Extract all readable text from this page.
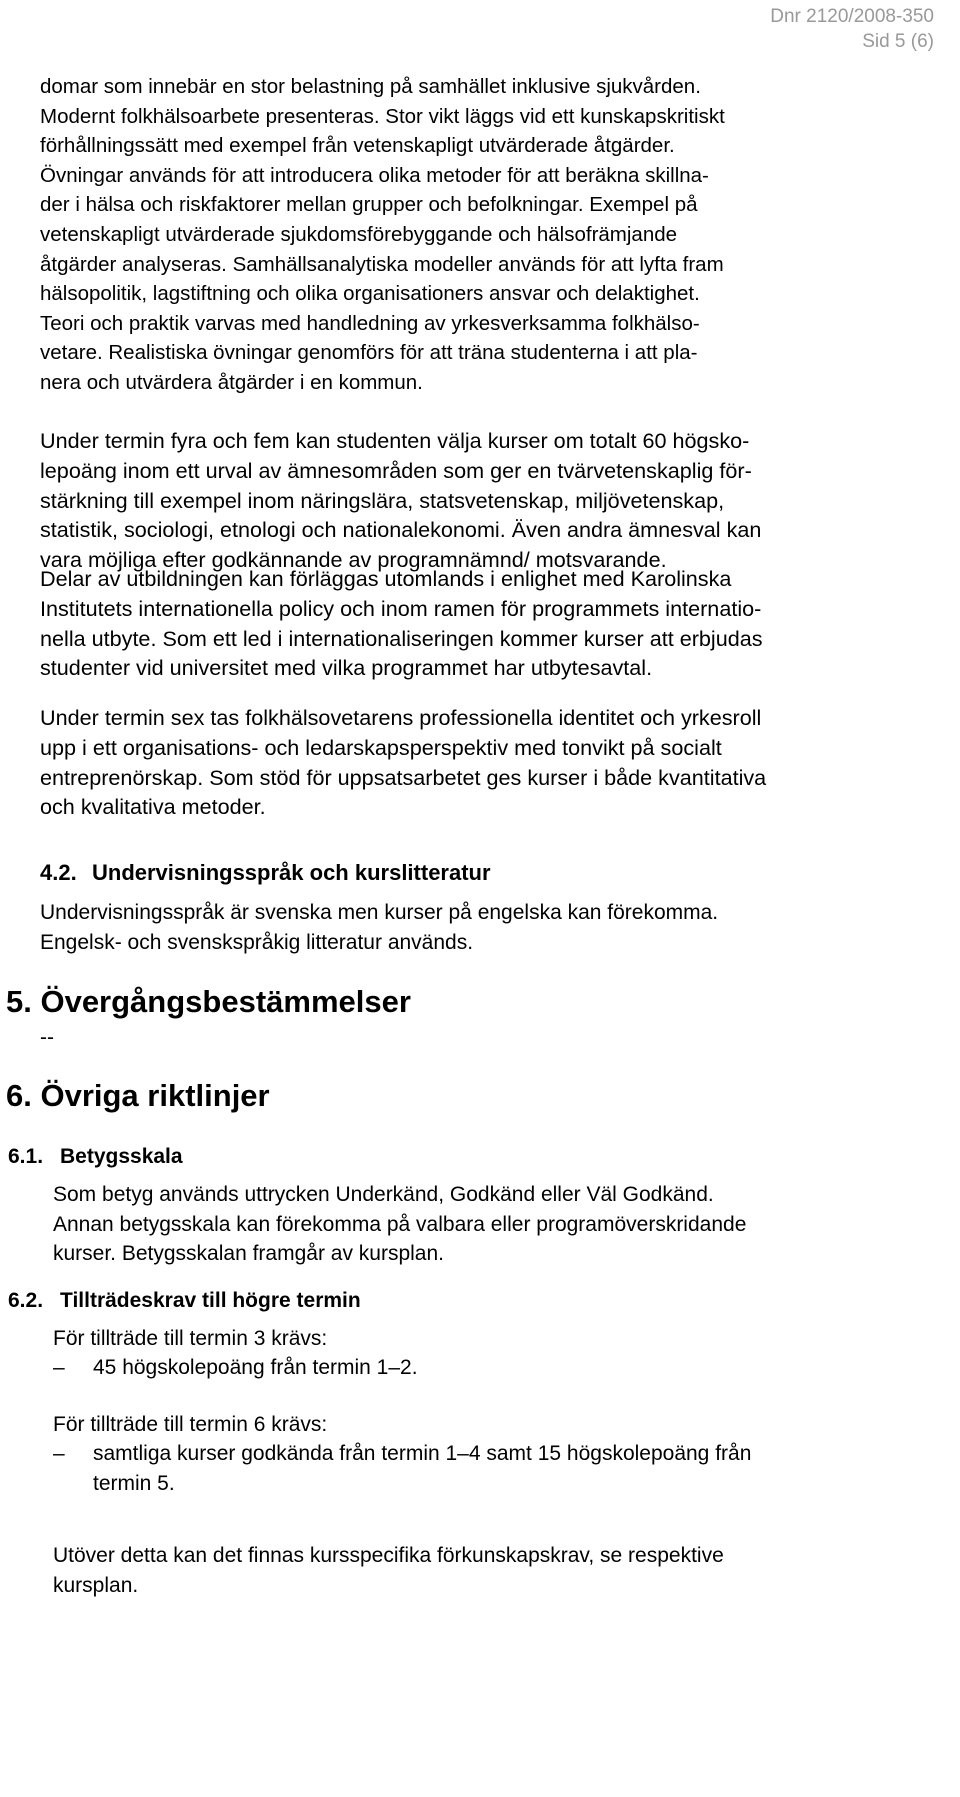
Dnr 2120/2008-350
Sid 5 (6)

domar som innebär en stor belastning på samhället inklusive sjukvården.
Modernt folkhälsoarbete presenteras. Stor vikt läggs vid ett kunskapskritiskt
förhållningssätt med exempel från vetenskapligt utvärderade åtgärder.
Övningar används för att introducera olika metoder för att beräkna skillna-
der i hälsa och riskfaktorer mellan grupper och befolkningar. Exempel på
vetenskapligt utvärderade sjukdomsförebyggande och hälsofrämjande
åtgärder analyseras. Samhällsanalytiska modeller används för att lyfta fram
hälsopolitik, lagstiftning och olika organisationers ansvar och delaktighet.
Teori och praktik varvas med handledning av yrkesverksamma folkhälso-
vetare. Realistiska övningar genomförs för att träna studenterna i att pla-
nera och utvärdera åtgärder i en kommun.

Under termin fyra och fem kan studenten välja kurser om totalt 60 högsko-
lepoäng inom ett urval av ämnesområden som ger en tvärvetenskaplig för-
stärkning till exempel inom näringslära, statsvetenskap, miljövetenskap,
statistik, sociologi, etnologi och nationalekonomi. Även andra ämnesval kan
vara möjliga efter godkännande av programnämnd/ motsvarande.

Delar av utbildningen kan förläggas utomlands i enlighet med Karolinska
Institutets internationella policy och inom ramen för programmets internatio-
nella utbyte. Som ett led i internationaliseringen kommer kurser att erbjudas
studenter vid universitet med vilka programmet har utbytesavtal.

Under termin sex tas folkhälsovetarens professionella identitet och yrkesroll
upp i ett organisations- och ledarskapsperspektiv med tonvikt på socialt
entreprenörskap. Som stöd för uppsatsarbetet ges kurser i både kvantitativa
och kvalitativa metoder.

4.2. Undervisningsspråk och kurslitteratur

Undervisningsspråk är svenska men kurser på engelska kan förekomma.
Engelsk- och svenskspråkig litteratur används.

5. Övergångsbestämmelser
--
6. Övriga riktlinjer
6.1. Betygsskala

Som betyg används uttrycken Underkänd, Godkänd eller Väl Godkänd.
Annan betygsskala kan förekomma på valbara eller programöverskridande
kurser. Betygsskalan framgår av kursplan.

6.2. Tillträdeskrav till högre termin

För tillträde till termin 3 krävs:

–	45 högskolepoäng från termin 1–2.

För tillträde till termin 6 krävs:

–	samtliga kurser godkända från termin 1–4 samt 15 högskolepoäng från
termin 5.

Utöver detta kan det finnas kursspecifika förkunskapskrav, se respektive
kursplan.
